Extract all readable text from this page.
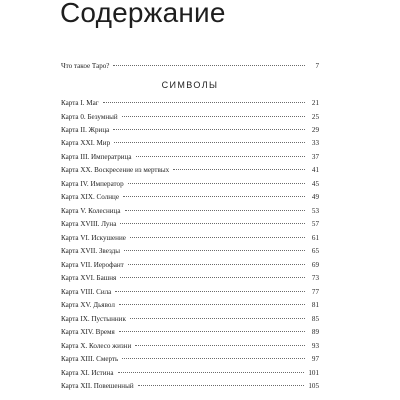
Содержание
Что такое Таро?	7
СИМВОЛЫ
Карта I. Маг	21
Карта 0. Безумный	25
Карта II. Жрица	29
Карта XXI. Мир	33
Карта III. Императрица	37
Карта XX. Воскресение из мертвых	41
Карта IV. Император	45
Карта XIX. Солнце	49
Карта V. Колесница	53
Карта XVIII. Луна	57
Карта VI. Искушение	61
Карта XVII. Звезды	65
Карта VII. Иерофант	69
Карта XVI. Башня	73
Карта VIII. Сила	77
Карта XV. Дьявол	81
Карта IX. Пустынник	85
Карта XIV. Время	89
Карта X. Колесо жизни	93
Карта XIII. Смерть	97
Карта XI. Истина	101
Карта XII. Повешенный	105
